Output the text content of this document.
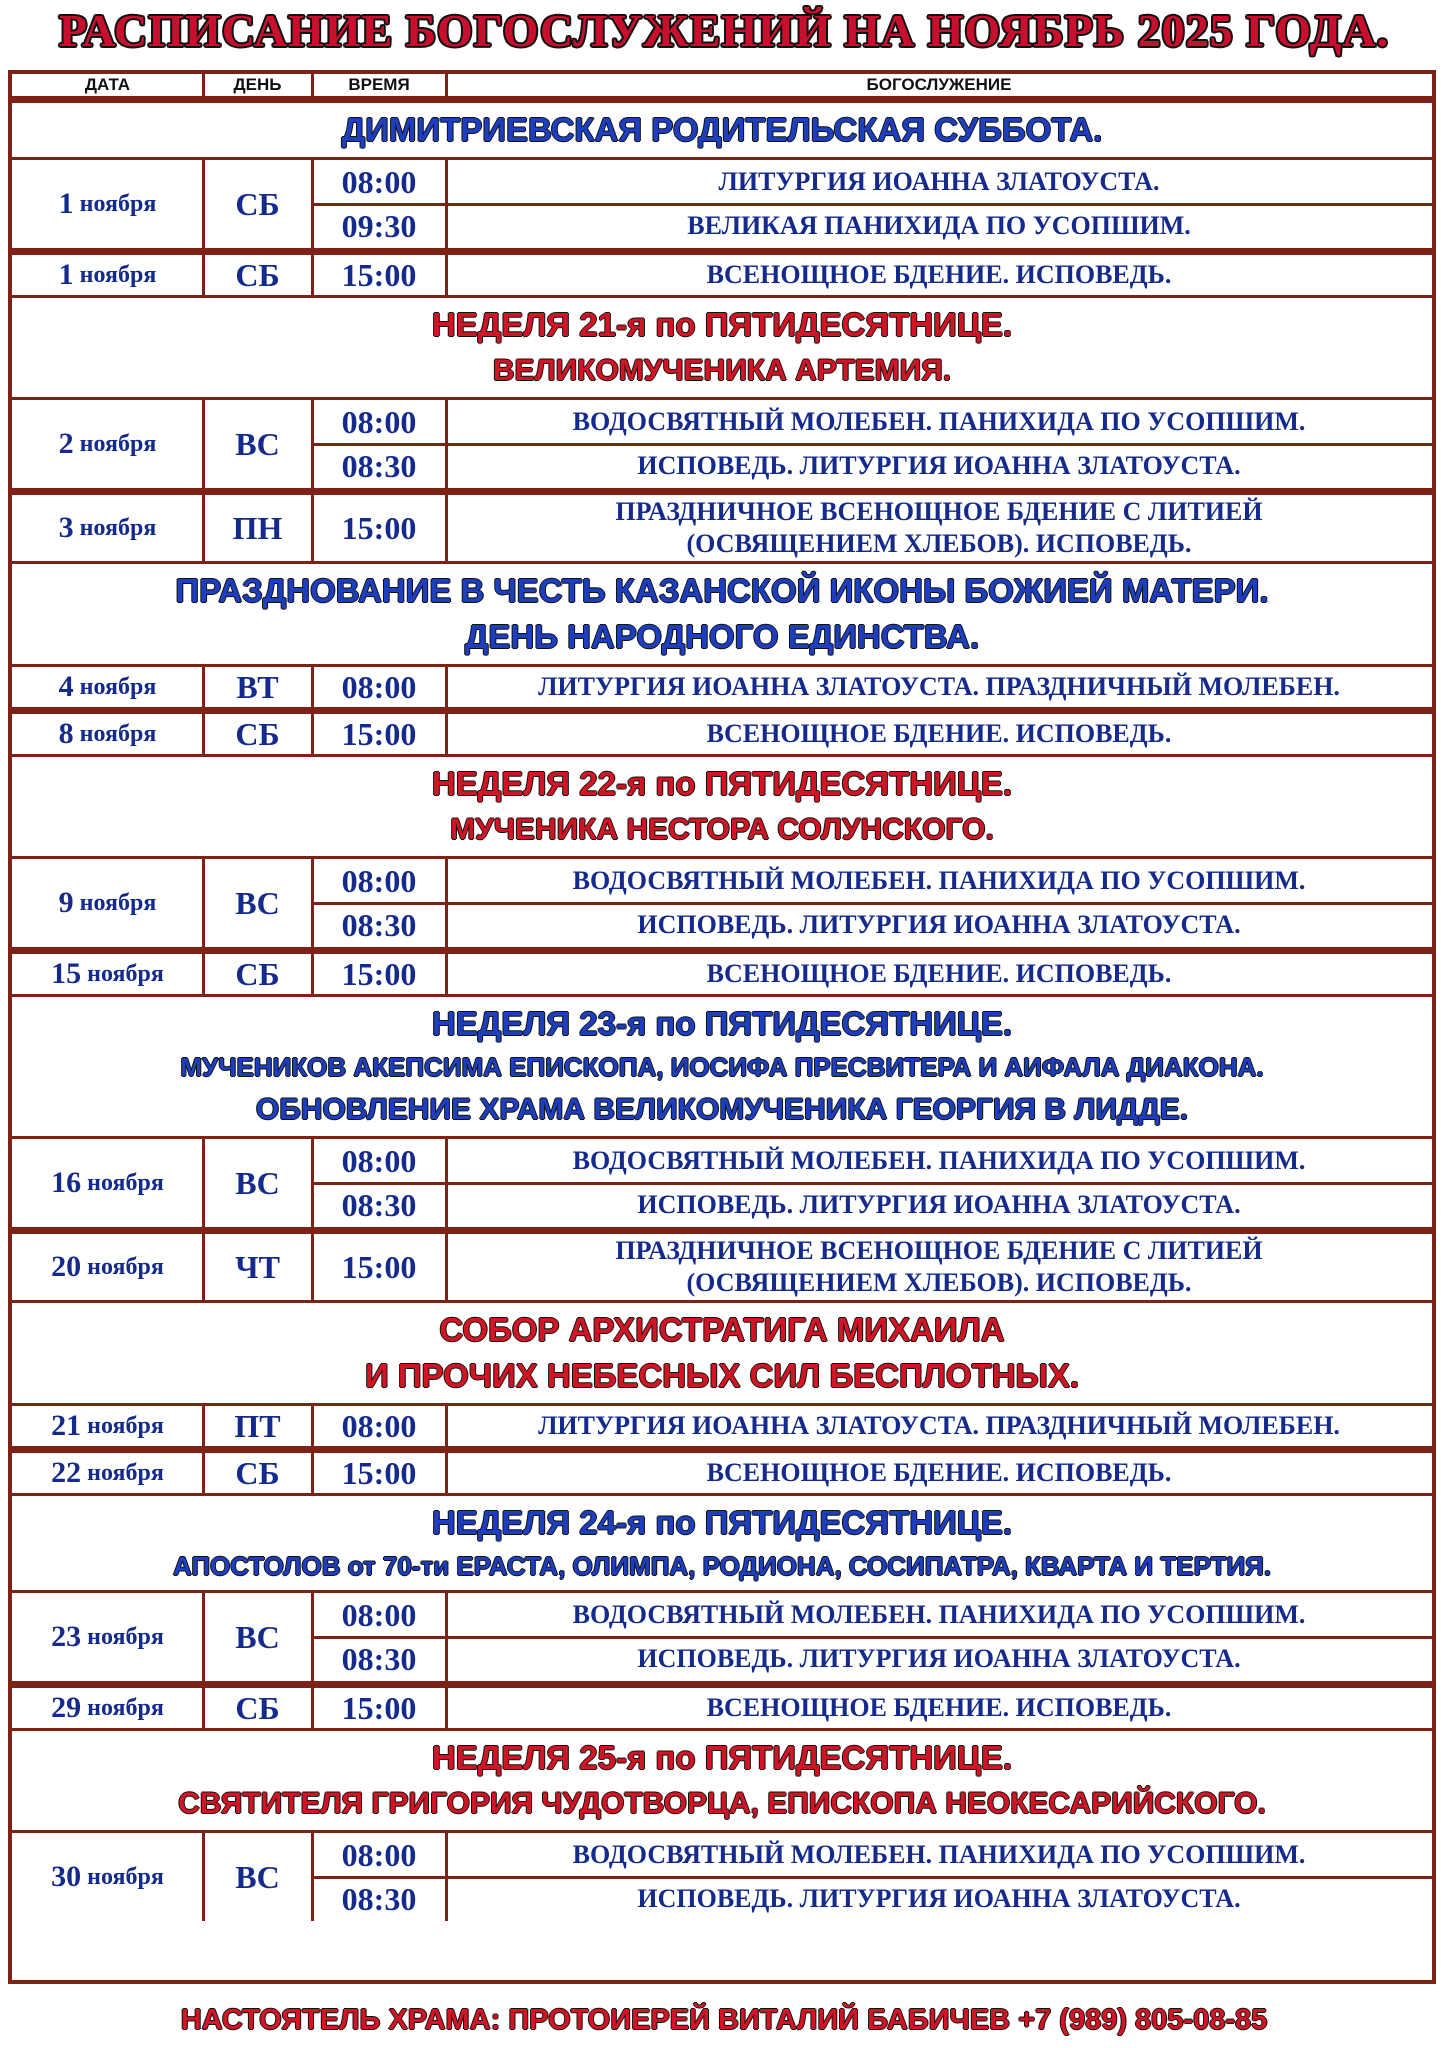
РАСПИСАНИЕ БОГОСЛУЖЕНИЙ НА НОЯБРЬ 2025 ГОДА.
ДАТА	ДЕНЬ	ВРЕМЯ	БОГОСЛУЖЕНИЕ
ДИМИТРИЕВСКАЯ РОДИТЕЛЬСКАЯ СУББОТА.
1 ноября	СБ
08:00	ЛИТУРГИЯ ИОАННА ЗЛАТОУСТА.
09:30	ВЕЛИКАЯ ПАНИХИДА ПО УСОПШИМ.
1 ноября	СБ	15:00	ВСЕНОЩНОЕ БДЕНИЕ. ИСПОВЕДЬ.
НЕДЕЛЯ 21-я по ПЯТИДЕСЯТНИЦЕ.
ВЕЛИКОМУЧЕНИКА АРТЕМИЯ.
2 ноября	ВС
08:00	ВОДОСВЯТНЫЙ МОЛЕБЕН. ПАНИХИДА ПО УСОПШИМ.
08:30	ИСПОВЕДЬ. ЛИТУРГИЯ ИОАННА ЗЛАТОУСТА.
3 ноября	ПН	15:00	ПРАЗДНИЧНОЕ ВСЕНОЩНОЕ БДЕНИЕ С ЛИТИЕЙ (ОСВЯЩЕНИЕМ ХЛЕБОВ). ИСПОВЕДЬ.
ПРАЗДНОВАНИЕ В ЧЕСТЬ КАЗАНСКОЙ ИКОНЫ БОЖИЕЙ МАТЕРИ.
ДЕНЬ НАРОДНОГО ЕДИНСТВА.
4 ноября	ВТ	08:00	ЛИТУРГИЯ ИОАННА ЗЛАТОУСТА. ПРАЗДНИЧНЫЙ МОЛЕБЕН.
8 ноября	СБ	15:00	ВСЕНОЩНОЕ БДЕНИЕ. ИСПОВЕДЬ.
НЕДЕЛЯ 22-я по ПЯТИДЕСЯТНИЦЕ.
МУЧЕНИКА НЕСТОРА СОЛУНСКОГО.
9 ноября	ВС
08:00	ВОДОСВЯТНЫЙ МОЛЕБЕН. ПАНИХИДА ПО УСОПШИМ.
08:30	ИСПОВЕДЬ. ЛИТУРГИЯ ИОАННА ЗЛАТОУСТА.
15 ноября	СБ	15:00	ВСЕНОЩНОЕ БДЕНИЕ. ИСПОВЕДЬ.
НЕДЕЛЯ 23-я по ПЯТИДЕСЯТНИЦЕ.
МУЧЕНИКОВ АКЕПСИМА ЕПИСКОПА, ИОСИФА ПРЕСВИТЕРА И АИФАЛА ДИАКОНА.
ОБНОВЛЕНИЕ ХРАМА ВЕЛИКОМУЧЕНИКА ГЕОРГИЯ В ЛИДДЕ.
16 ноября	ВС
08:00	ВОДОСВЯТНЫЙ МОЛЕБЕН. ПАНИХИДА ПО УСОПШИМ.
08:30	ИСПОВЕДЬ. ЛИТУРГИЯ ИОАННА ЗЛАТОУСТА.
20 ноября	ЧТ	15:00	ПРАЗДНИЧНОЕ ВСЕНОЩНОЕ БДЕНИЕ С ЛИТИЕЙ (ОСВЯЩЕНИЕМ ХЛЕБОВ). ИСПОВЕДЬ.
СОБОР АРХИСТРАТИГА МИХАИЛА
И ПРОЧИХ НЕБЕСНЫХ СИЛ БЕСПЛОТНЫХ.
21 ноября	ПТ	08:00	ЛИТУРГИЯ ИОАННА ЗЛАТОУСТА. ПРАЗДНИЧНЫЙ МОЛЕБЕН.
22 ноября	СБ	15:00	ВСЕНОЩНОЕ БДЕНИЕ. ИСПОВЕДЬ.
НЕДЕЛЯ 24-я по ПЯТИДЕСЯТНИЦЕ.
АПОСТОЛОВ от 70-ти ЕРАСТА, ОЛИМПА, РОДИОНА, СОСИПАТРА, КВАРТА И ТЕРТИЯ.
23 ноября	ВС
08:00	ВОДОСВЯТНЫЙ МОЛЕБЕН. ПАНИХИДА ПО УСОПШИМ.
08:30	ИСПОВЕДЬ. ЛИТУРГИЯ ИОАННА ЗЛАТОУСТА.
29 ноября	СБ	15:00	ВСЕНОЩНОЕ БДЕНИЕ. ИСПОВЕДЬ.
НЕДЕЛЯ 25-я по ПЯТИДЕСЯТНИЦЕ.
СВЯТИТЕЛЯ ГРИГОРИЯ ЧУДОТВОРЦА, ЕПИСКОПА НЕОКЕСАРИЙСКОГО.
30 ноября	ВС
08:00	ВОДОСВЯТНЫЙ МОЛЕБЕН. ПАНИХИДА ПО УСОПШИМ.
08:30	ИСПОВЕДЬ. ЛИТУРГИЯ ИОАННА ЗЛАТОУСТА.
НАСТОЯТЕЛЬ ХРАМА: ПРОТОИЕРЕЙ ВИТАЛИЙ БАБИЧЕВ +7 (989) 805-08-85
